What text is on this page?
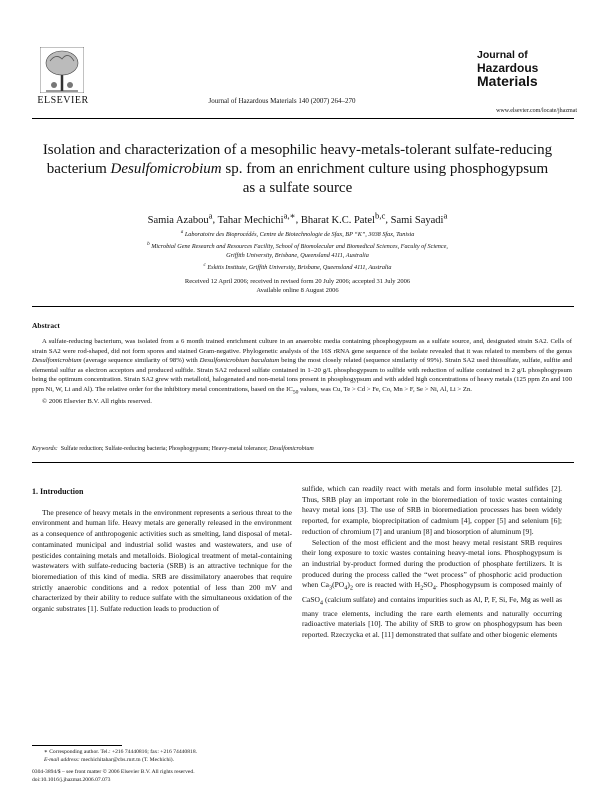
ELSEVIER	Journal of Hazardous Materials 140 (2007) 264–270
Journal of
Hazardous
Materials
www.elsevier.com/locate/jhazmat
Isolation and characterization of a mesophilic heavy-metals-tolerant sulfate-reducing bacterium Desulfomicrobium sp. from an enrichment culture using phosphogypsum as a sulfate source
Samia Azabou$^a$, Tahar Mechichi$^{a,∗}$, Bharat K.C. Patel$^{b,c}$, Sami Sayadi$^a$
$^a$ Laboratoire des Bioprocédés, Centre de Biotechnologie de Sfax, BP “K”, 3038 Sfax, Tunisia
$^b$ Microbial Gene Research and Resources Facility, School of Biomolecular and Biomedical Sciences, Faculty of Science,
Griffith University, Brisbane, Queensland 4111, Australia
$^c$ Eskitis Institute, Griffith University, Brisbane, Queensland 4111, Australia
Received 12 April 2006; received in revised form 20 July 2006; accepted 31 July 2006
Available online 8 August 2006
Abstract

A sulfate-reducing bacterium, was isolated from a 6 month trained enrichment culture in an anaerobic media containing phosphogypsum as a sulfate source, and, designated strain SA2. Cells of strain SA2 were rod-shaped, did not form spores and stained Gram-negative. Phylogenetic analysis of the 16S rRNA gene sequence of the isolate revealed that it was related to members of the genus Desulfomicrobium (average sequence similarity of 98%) with Desulfomicrobium baculatum being the most closely related (sequence similarity of 99%). Strain SA2 used thiosulfate, sulfate, sulfite and elemental sulfur as electron acceptors and produced sulfide. Strain SA2 reduced sulfate contained in 1–20 g/L phosphogypsum to sulfide with reduction of sulfate contained in 2 g/L phosphogypsum being the optimum concentration. Strain SA2 grew with metalloid, halogenated and non-metal ions present in phosphogypsum and with added high concentrations of heavy metals (125 ppm Zn and 100 ppm Ni, W, Li and Al). The relative order for the inhibitory metal concentrations, based on the $IC_{50}$ values, was Cu, Te > Cd > Fe, Co, Mn > F, Se > Ni, Al, Li > Zn.

© 2006 Elsevier B.V. All rights reserved.

Keywords: Sulfate reduction; Sulfate-reducing bacteria; Phosphogypsum; Heavy-metal tolerance; Desulfomicrobium

1. Introduction

The presence of heavy metals in the environment represents a serious threat to the environment and human life. Heavy metals are generally released in the environment as a consequence of anthropogenic activities such as smelting, land disposal of metal-contaminated municipal and industrial solid wastes and wastewaters, and use of pesticides containing metals and metalloids. Biological treatment of metal-containing wastewaters with sulfate-reducing bacteria (SRB) is an attractive technique for the bioremediation of this kind of media. SRB are dissimilatory anaerobes that require strictly anaerobic conditions and a redox potential of less than 200 mV and characterized by their ability to reduce sulfate with the simultaneous oxidation of the organic substrates [1]. Sulfate reduction leads to production of

sulfide, which can readily react with metals and form insoluble metal sulfides [2]. Thus, SRB play an important role in the bioremediation of toxic wastes containing heavy metal ions [3]. The use of SRB in bioremediation processes has been widely reported, for example, bioprecipitation of cadmium [4], copper [5] and selenium [6]; reduction of chromium [7] and uranium [8] and biosorption of aluminum [9].

Selection of the most efficient and the most heavy metal resistant SRB requires their long exposure to toxic wastes containing heavy-metal ions. Phosphogypsum is an industrial by-product formed during the production of phosphate fertilizers. It is produced during the process called the “wet process” of phosphoric acid production when $Ca_3(PO_4)_2$ ore is reacted with $H_2SO_4$. Phosphogypsum is composed mainly of CaSO$_4$ (calcium sulfate) and contains impurities such as Al, P, F, Si, Fe, Mg as well as many trace elements, including the rare earth elements and naturally occurring radioactive materials [10]. The ability of SRB to grow on phosphogypsum has been reported. Rzeczycka et al. [11] demonstrated that sulfate and other biogenic elements

∗ Corresponding author. Tel.: +216 74440816; fax: +216 74440818.

E-mail address: mechichitahar@cbs.rnrt.tn (T. Mechichi).

0304-3894/$ – see front matter © 2006 Elsevier B.V. All rights reserved.

doi:10.1016/j.jhazmat.2006.07.073
